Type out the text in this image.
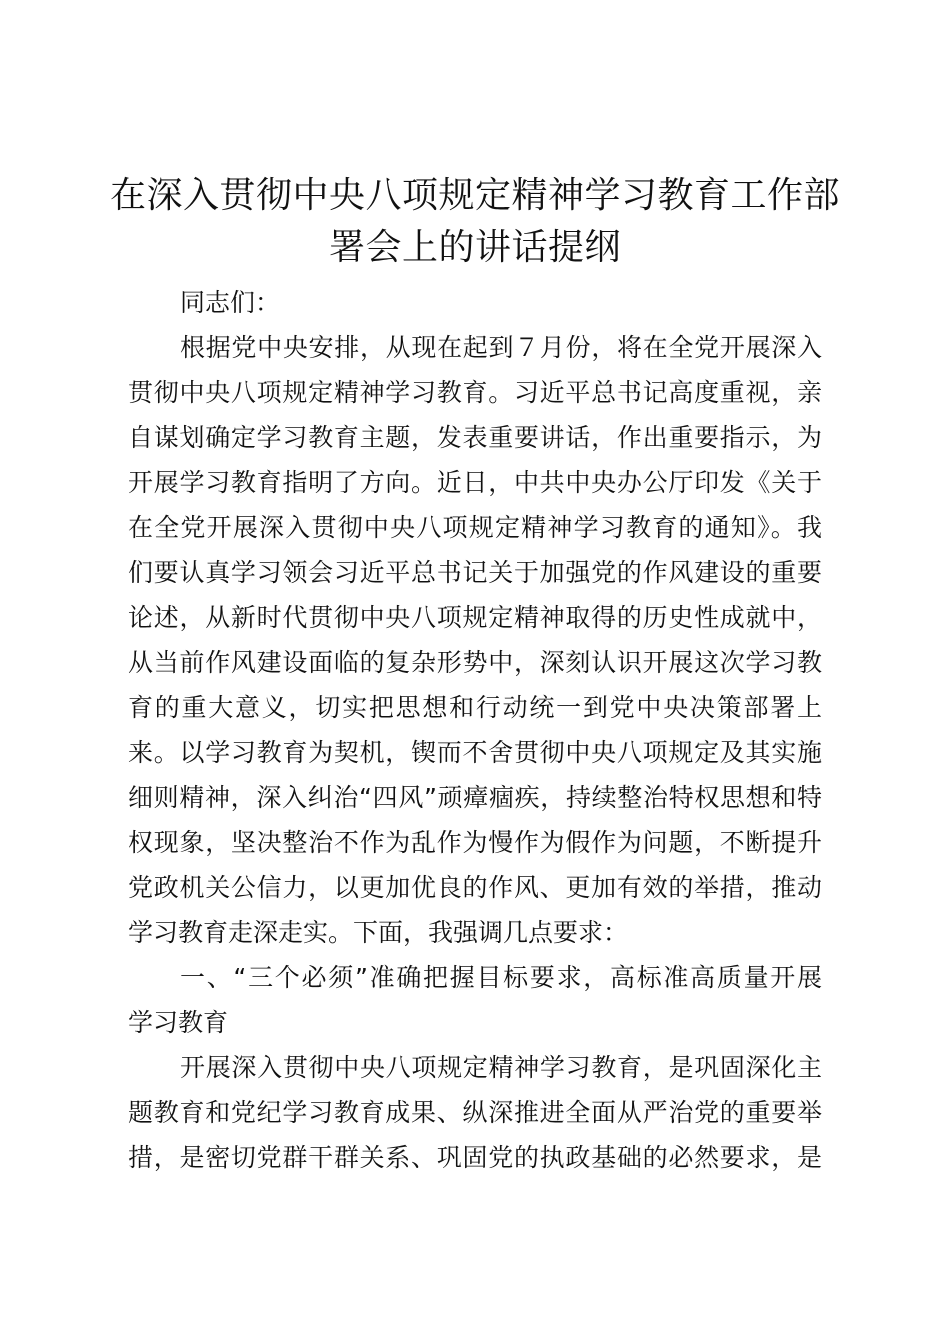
在深入贯彻中央八项规定精神学习教育工作部署会上的讲话提纲
同志们：
根据党中央安排，从现在起到７月份，将在全党开展深入
贯彻中央八项规定精神学习教育。习近平总书记高度重视，亲
自谋划确定学习教育主题，发表重要讲话，作出重要指示，为
开展学习教育指明了方向。近日，中共中央办公厅印发《关于
在全党开展深入贯彻中央八项规定精神学习教育的通知》。我
们要认真学习领会习近平总书记关于加强党的作风建设的重要
论述，从新时代贯彻中央八项规定精神取得的历史性成就中，
从当前作风建设面临的复杂形势中，深刻认识开展这次学习教
育的重大意义，切实把思想和行动统一到党中央决策部署上
来。以学习教育为契机，锲而不舍贯彻中央八项规定及其实施
细则精神，深入纠治“四风”顽瘴痼疾，持续整治特权思想和特
权现象，坚决整治不作为乱作为慢作为假作为问题，不断提升
党政机关公信力，以更加优良的作风、更加有效的举措，推动
学习教育走深走实。下面，我强调几点要求：
一、“三个必须”准确把握目标要求，高标准高质量开展
学习教育
开展深入贯彻中央八项规定精神学习教育，是巩固深化主
题教育和党纪学习教育成果、纵深推进全面从严治党的重要举
措，是密切党群干群关系、巩固党的执政基础的必然要求，是
